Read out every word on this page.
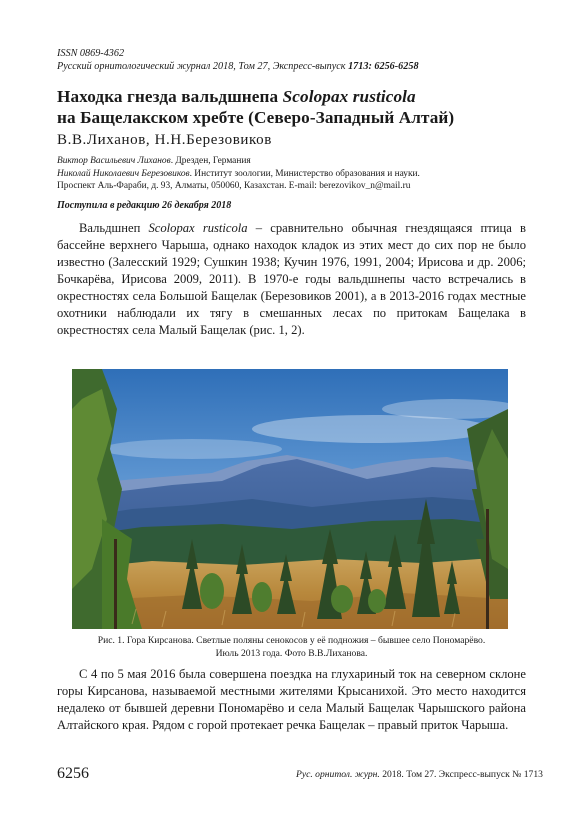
ISSN 0869-4362
Русский орнитологический журнал 2018, Том 27, Экспресс-выпуск 1713: 6256-6258
Находка гнезда вальдшнепа Scolopax rusticola
на Бащелакском хребте (Северо-Западный Алтай)
В.В.Лиханов, Н.Н.Березовиков
Виктор Васильевич Лиханов. Дрезден, Германия
Николай Николаевич Березовиков. Институт зоологии, Министерство образования и науки.
Проспект Аль-Фараби, д. 93, Алматы, 050060, Казахстан. E-mail: berezovikov_n@mail.ru
Поступила в редакцию 26 декабря 2018
Вальдшнеп Scolopax rusticola – сравнительно обычная гнездящаяся птица в бассейне верхнего Чарыша, однако находок кладок из этих мест до сих пор не было известно (Залесский 1929; Сушкин 1938; Кучин 1976, 1991, 2004; Ирисова и др. 2006; Бочкарёва, Ирисова 2009, 2011). В 1970-е годы вальдшнепы часто встречались в окрестностях села Большой Бащелак (Березовиков 2001), а в 2013-2016 годах местные охотники наблюдали их тягу в смешанных лесах по притокам Бащелака в окрестностях села Малый Бащелак (рис. 1, 2).
Рис. 1. Гора Кирсанова. Светлые поляны сенокосов у её подножия – бывшее село Пономарёво.
Июль 2013 года. Фото В.В.Лиханова.
С 4 по 5 мая 2016 была совершена поездка на глухариный ток на северном склоне горы Кирсанова, называемой местными жителями Крысанихой. Это место находится недалеко от бывшей деревни Пономарёво и села Малый Бащелак Чарышского района Алтайского края. Рядом с горой протекает речка Бащелак – правый приток Чарыша.
6256	Рус. орнитол. журн. 2018. Том 27. Экспресс-выпуск № 1713
